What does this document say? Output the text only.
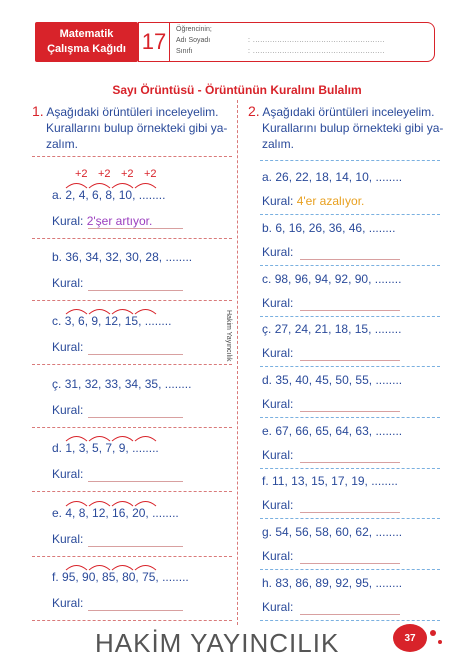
Matematik
Çalışma Kağıdı 17	Öğrencinin;
Adı Soyadı	: ......................................................
Sınıfı	: ......................................................
Sayı Örüntüsü - Örüntünün Kuralını Bulalım
Hakim Yayıncılık
1. Aşağıdaki örüntüleri inceleyelim.
Kurallarını bulup örnekteki gibi ya-
zalım.
+2 +2 +2 +2
a. 2, 4, 6, 8, 10, ........
Kural: 2'şer artıyor.
b. 36, 34, 32, 30, 28, ........
Kural:
c. 3, 6, 9, 12, 15, ........
Kural:
ç. 31, 32, 33, 34, 35, ........
Kural:
d. 1, 3, 5, 7, 9, ........
Kural:
e. 4, 8, 12, 16, 20, ........
Kural:
f. 95, 90, 85, 80, 75, ........
Kural:
2. Aşağıdaki örüntüleri inceleyelim.
Kurallarını bulup örnekteki gibi ya-
zalım.
a. 26, 22, 18, 14, 10, ........
Kural: 4'er azalıyor.
b. 6, 16, 26, 36, 46, ........
Kural:
c. 98, 96, 94, 92, 90, ........
Kural:
ç. 27, 24, 21, 18, 15, ........
Kural:
d. 35, 40, 45, 50, 55, ........
Kural:
e. 67, 66, 65, 64, 63, ........
Kural:
f. 11, 13, 15, 17, 19, ........
Kural:
g. 54, 56, 58, 60, 62, ........
Kural:
h. 83, 86, 89, 92, 95, ........
Kural:
HAKİM YAYINCILIK	37
